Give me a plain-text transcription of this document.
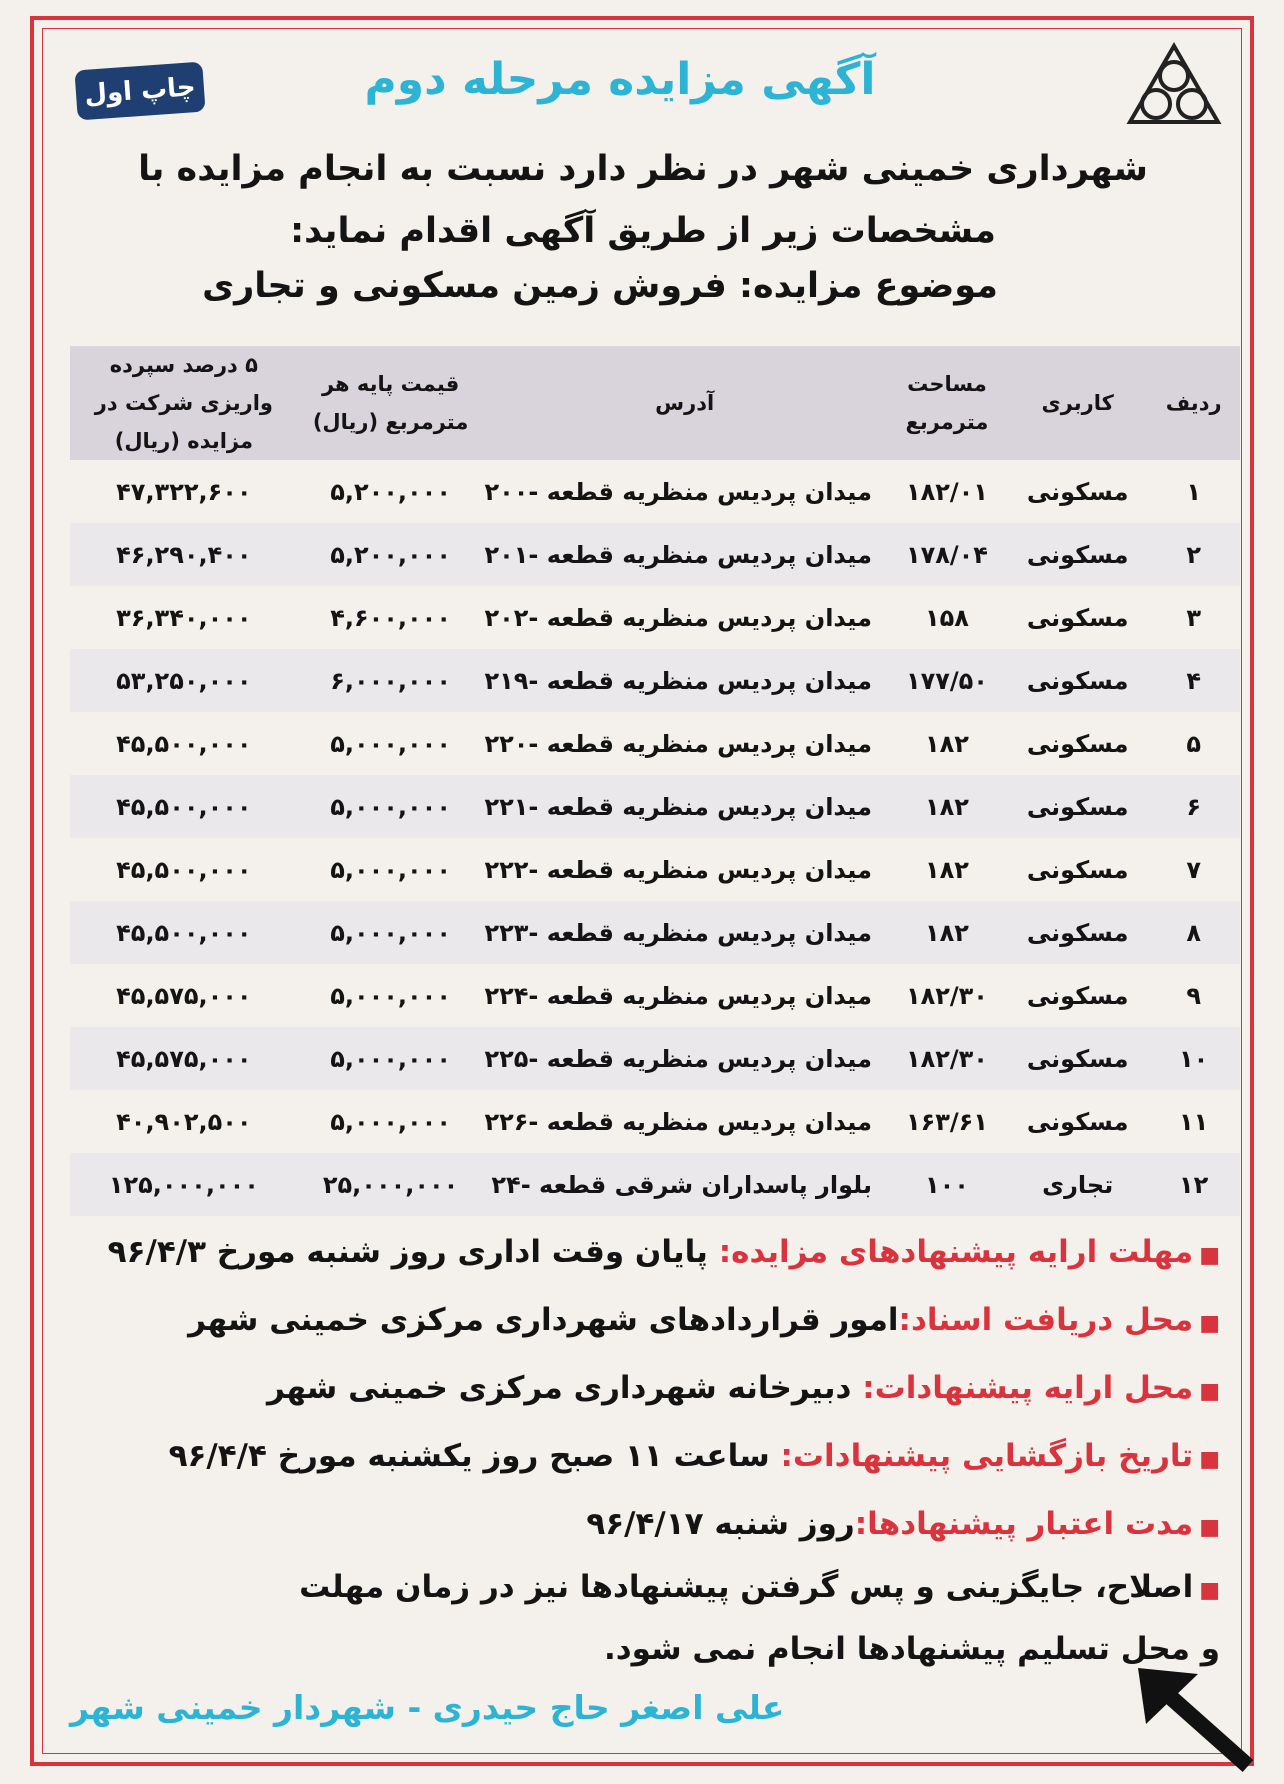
چاپ اول	آگهی مزایده مرحله دوم
شهرداری خمینی شهر در نظر دارد نسبت به انجام مزایده با مشخصات زیر از طریق آگهی اقدام نماید:
موضوع مزایده: فروش زمین مسکونی و تجاری
ردیف	کاربری	مساحت مترمربع	آدرس	قیمت پایه هر مترمربع (ریال)	۵ درصد سپرده واریزی شرکت در مزایده (ریال)
۱	مسکونی	۱۸۲/۰۱	میدان پردیس منظریه قطعه -۲۰۰	۵,۲۰۰,۰۰۰	۴۷,۳۲۲,۶۰۰
۲	مسکونی	۱۷۸/۰۴	میدان پردیس منظریه قطعه -۲۰۱	۵,۲۰۰,۰۰۰	۴۶,۲۹۰,۴۰۰
۳	مسکونی	۱۵۸	میدان پردیس منظریه قطعه -۲۰۲	۴,۶۰۰,۰۰۰	۳۶,۳۴۰,۰۰۰
۴	مسکونی	۱۷۷/۵۰	میدان پردیس منظریه قطعه -۲۱۹	۶,۰۰۰,۰۰۰	۵۳,۲۵۰,۰۰۰
۵	مسکونی	۱۸۲	میدان پردیس منظریه قطعه -۲۲۰	۵,۰۰۰,۰۰۰	۴۵,۵۰۰,۰۰۰
۶	مسکونی	۱۸۲	میدان پردیس منظریه قطعه -۲۲۱	۵,۰۰۰,۰۰۰	۴۵,۵۰۰,۰۰۰
۷	مسکونی	۱۸۲	میدان پردیس منظریه قطعه -۲۲۲	۵,۰۰۰,۰۰۰	۴۵,۵۰۰,۰۰۰
۸	مسکونی	۱۸۲	میدان پردیس منظریه قطعه -۲۲۳	۵,۰۰۰,۰۰۰	۴۵,۵۰۰,۰۰۰
۹	مسکونی	۱۸۲/۳۰	میدان پردیس منظریه قطعه -۲۲۴	۵,۰۰۰,۰۰۰	۴۵,۵۷۵,۰۰۰
۱۰	مسکونی	۱۸۲/۳۰	میدان پردیس منظریه قطعه -۲۲۵	۵,۰۰۰,۰۰۰	۴۵,۵۷۵,۰۰۰
۱۱	مسکونی	۱۶۳/۶۱	میدان پردیس منظریه قطعه -۲۲۶	۵,۰۰۰,۰۰۰	۴۰,۹۰۲,۵۰۰
۱۲	تجاری	۱۰۰	بلوار پاسداران شرقی قطعه -۲۴	۲۵,۰۰۰,۰۰۰	۱۲۵,۰۰۰,۰۰۰
■مهلت ارایه پیشنهادهای مزایده: پایان وقت اداری روز شنبه مورخ ۹۶/۴/۳
■محل دریافت اسناد:امور قراردادهای شهرداری مرکزی خمینی شهر
■محل ارایه پیشنهادات: دبیرخانه شهرداری مرکزی خمینی شهر
■تاریخ بازگشایی پیشنهادات: ساعت ۱۱ صبح روز یکشنبه مورخ ۹۶/۴/۴
■مدت اعتبار پیشنهادها:روز شنبه ۹۶/۴/۱۷
■اصلاح، جایگزینی و پس گرفتن پیشنهادها نیز در زمان مهلت و محل تسلیم پیشنهادها انجام نمی شود.
علی اصغر حاج حیدری - شهردار خمینی شهر
